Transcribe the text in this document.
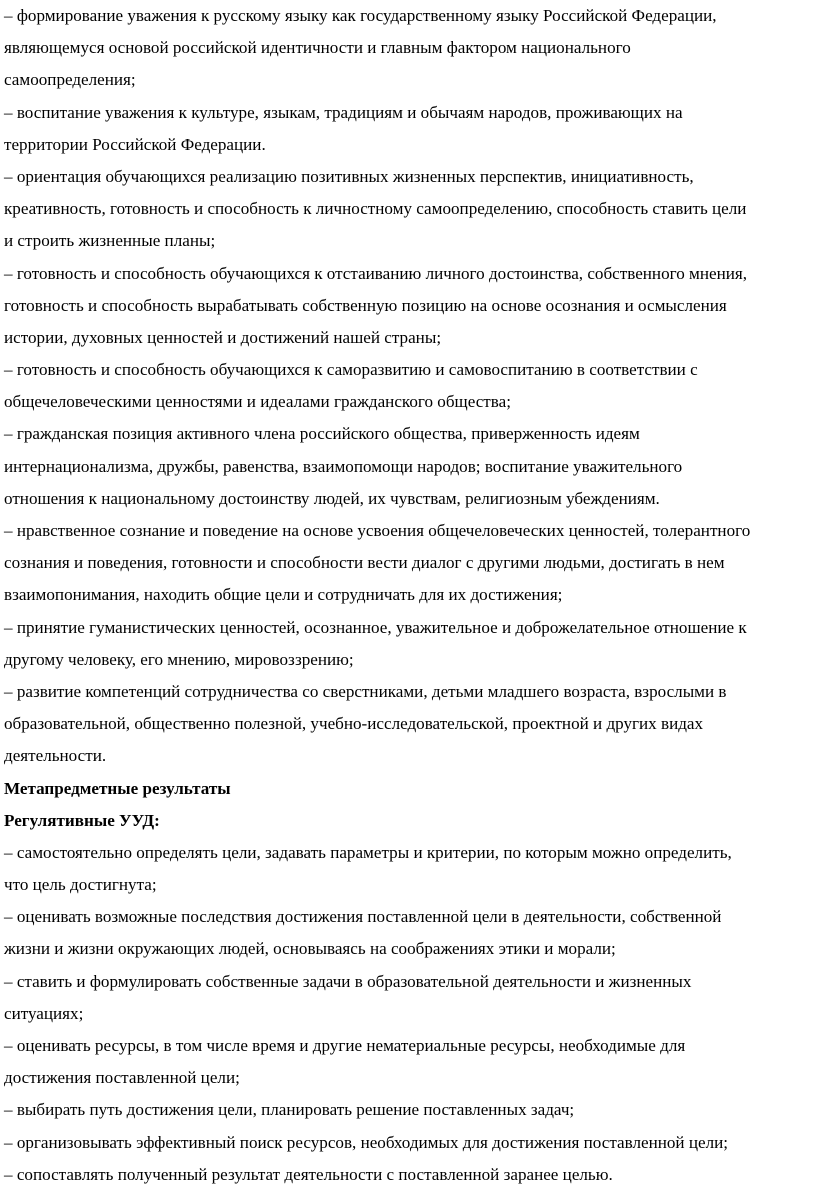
– формирование уважения к русскому языку как государственному языку Российской Федерации,

являющемуся основой российской идентичности и главным фактором национального

самоопределения;

– воспитание уважения к культуре, языкам, традициям и обычаям народов, проживающих на

территории Российской Федерации.

– ориентация обучающихся реализацию позитивных жизненных перспектив, инициативность,

креативность, готовность и способность к личностному самоопределению, способность ставить цели

и строить жизненные планы;

– готовность и способность обучающихся к отстаиванию личного достоинства, собственного мнения,

готовность и способность вырабатывать собственную позицию на основе осознания и осмысления

истории, духовных ценностей и достижений нашей страны;

– готовность и способность обучающихся к саморазвитию и самовоспитанию в соответствии с

общечеловеческими ценностями и идеалами гражданского общества;

– гражданская позиция активного члена российского общества, приверженность идеям

интернационализма, дружбы, равенства, взаимопомощи народов; воспитание уважительного

отношения к национальному достоинству людей, их чувствам, религиозным убеждениям.

– нравственное сознание и поведение на основе усвоения общечеловеческих ценностей, толерантного

сознания и поведения, готовности и способности вести диалог с другими людьми, достигать в нем

взаимопонимания, находить общие цели и сотрудничать для их достижения;

– принятие гуманистических ценностей, осознанное, уважительное и доброжелательное отношение к

другому человеку, его мнению, мировоззрению;

– развитие компетенций сотрудничества со сверстниками, детьми младшего возраста, взрослыми в

образовательной, общественно полезной, учебно-исследовательской, проектной и других видах

деятельности.

Метапредметные результаты

Регулятивные УУД:

– самостоятельно определять цели, задавать параметры и критерии, по которым можно определить,

что цель достигнута;

– оценивать возможные последствия достижения поставленной цели в деятельности, собственной

жизни и жизни окружающих людей, основываясь на соображениях этики и морали;

– ставить и формулировать собственные задачи в образовательной деятельности и жизненных

ситуациях;

– оценивать ресурсы, в том числе время и другие нематериальные ресурсы, необходимые для

достижения поставленной цели;

– выбирать путь достижения цели, планировать решение поставленных задач;

– организовывать эффективный поиск ресурсов, необходимых для достижения поставленной цели;

– сопоставлять полученный результат деятельности с поставленной заранее целью.
